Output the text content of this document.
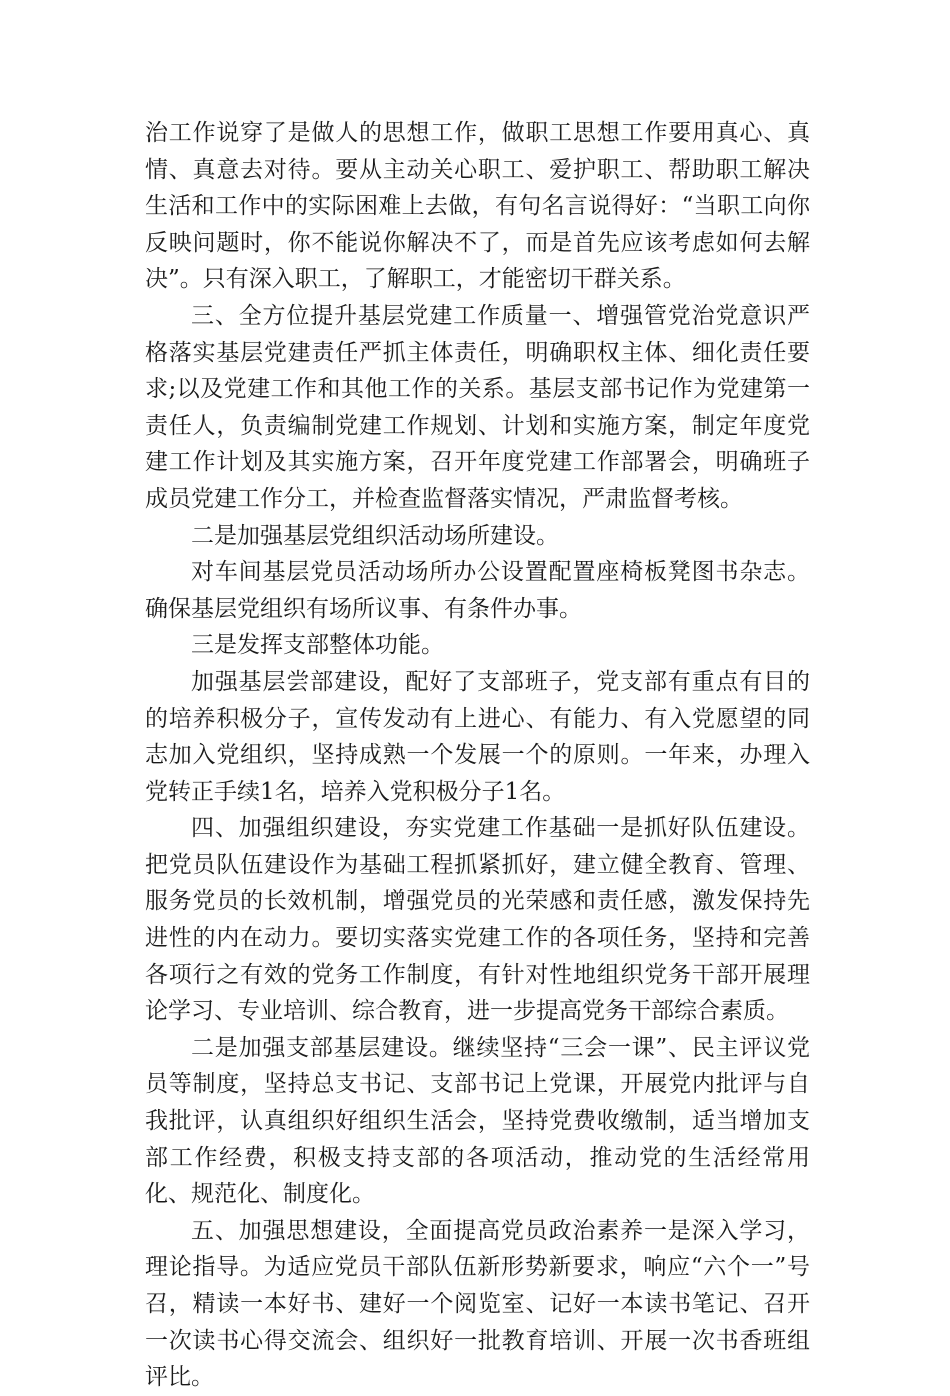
治工作说穿了是做人的思想工作，做职工思想工作要用真心、真情、真意去对待。要从主动关心职工、爱护职工、帮助职工解决生活和工作中的实际困难上去做，有句名言说得好：“当职工向你反映问题时，你不能说你解决不了，而是首先应该考虑如何去解决”。只有深入职工，了解职工，才能密切干群关系。

三、全方位提升基层党建工作质量一、增强管党治党意识严格落实基层党建责任严抓主体责任，明确职权主体、细化责任要求;以及党建工作和其他工作的关系。基层支部书记作为党建第一责任人，负责编制党建工作规划、计划和实施方案，制定年度党建工作计划及其实施方案，召开年度党建工作部署会，明确班子成员党建工作分工，并检查监督落实情况，严肃监督考核。

二是加强基层党组织活动场所建设。

对车间基层党员活动场所办公设置配置座椅板凳图书杂志。确保基层党组织有场所议事、有条件办事。

三是发挥支部整体功能。

加强基层尝部建设，配好了支部班子，党支部有重点有目的的培养积极分子，宣传发动有上进心、有能力、有入党愿望的同志加入党组织，坚持成熟一个发展一个的原则。一年来，办理入党转正手续1名，培养入党积极分子1名。

四、加强组织建设，夯实党建工作基础一是抓好队伍建设。把党员队伍建设作为基础工程抓紧抓好，建立健全教育、管理、服务党员的长效机制，增强党员的光荣感和责任感，激发保持先进性的内在动力。要切实落实党建工作的各项任务，坚持和完善各项行之有效的党务工作制度，有针对性地组织党务干部开展理论学习、专业培训、综合教育，进一步提高党务干部综合素质。

二是加强支部基层建设。继续坚持“三会一课”、民主评议党员等制度，坚持总支书记、支部书记上党课，开展党内批评与自我批评，认真组织好组织生活会，坚持党费收缴制，适当增加支部工作经费，积极支持支部的各项活动，推动党的生活经常用化、规范化、制度化。

五、加强思想建设，全面提高党员政治素养一是深入学习，理论指导。为适应党员干部队伍新形势新要求，响应“六个一”号召，精读一本好书、建好一个阅览室、记好一本读书笔记、召开一次读书心得交流会、组织好一批教育培训、开展一次书香班组评比。
